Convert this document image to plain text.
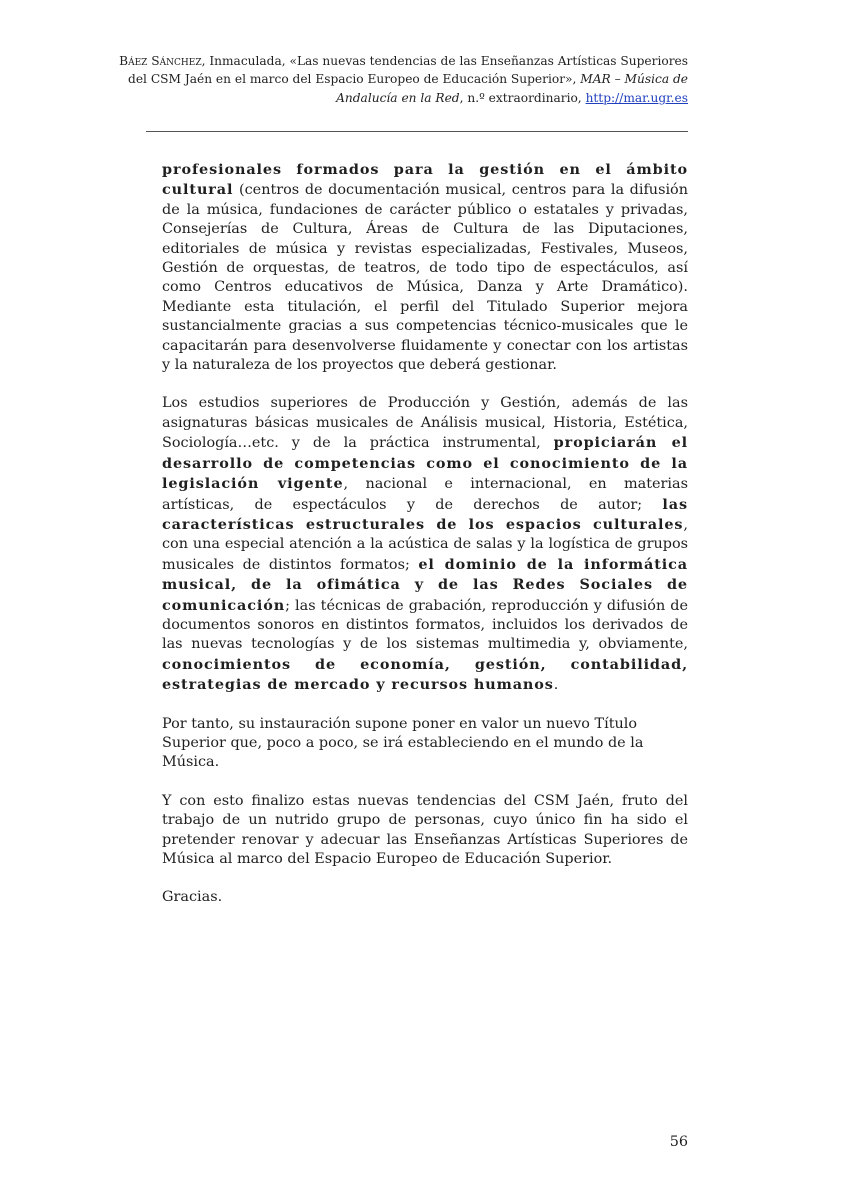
Báez Sánchez, Inmaculada, «Las nuevas tendencias de las Enseñanzas Artísticas Superiores del CSM Jaén en el marco del Espacio Europeo de Educación Superior», MAR – Música de Andalucía en la Red, n.º extraordinario, http://mar.ugr.es

profesionales formados para la gestión en el ámbito cultural (centros de documentación musical, centros para la difusión de la música, fundaciones de carácter público o estatales y privadas, Consejerías de Cultura, Áreas de Cultura de las Diputaciones, editoriales de música y revistas especializadas, Festivales, Museos, Gestión de orquestas, de teatros, de todo tipo de espectáculos, así como Centros educativos de Música, Danza y Arte Dramático). Mediante esta titulación, el perfil del Titulado Superior mejora sustancialmente gracias a sus competencias técnico-musicales que le capacitarán para desenvolverse fluidamente y conectar con los artistas y la naturaleza de los proyectos que deberá gestionar.

Los estudios superiores de Producción y Gestión, además de las asignaturas básicas musicales de Análisis musical, Historia, Estética, Sociología…etc. y de la práctica instrumental, propiciarán el desarrollo de competencias como el conocimiento de la legislación vigente, nacional e internacional, en materias artísticas, de espectáculos y de derechos de autor; las características estructurales de los espacios culturales, con una especial atención a la acústica de salas y la logística de grupos musicales de distintos formatos; el dominio de la informática musical, de la ofimática y de las Redes Sociales de comunicación; las técnicas de grabación, reproducción y difusión de documentos sonoros en distintos formatos, incluidos los derivados de las nuevas tecnologías y de los sistemas multimedia y, obviamente, conocimientos de economía, gestión, contabilidad, estrategias de mercado y recursos humanos.

Por tanto, su instauración supone poner en valor un nuevo Título Superior que, poco a poco, se irá estableciendo en el mundo de la Música.

Y con esto finalizo estas nuevas tendencias del CSM Jaén, fruto del trabajo de un nutrido grupo de personas, cuyo único fin ha sido el pretender renovar y adecuar las Enseñanzas Artísticas Superiores de Música al marco del Espacio Europeo de Educación Superior.

Gracias.

56
